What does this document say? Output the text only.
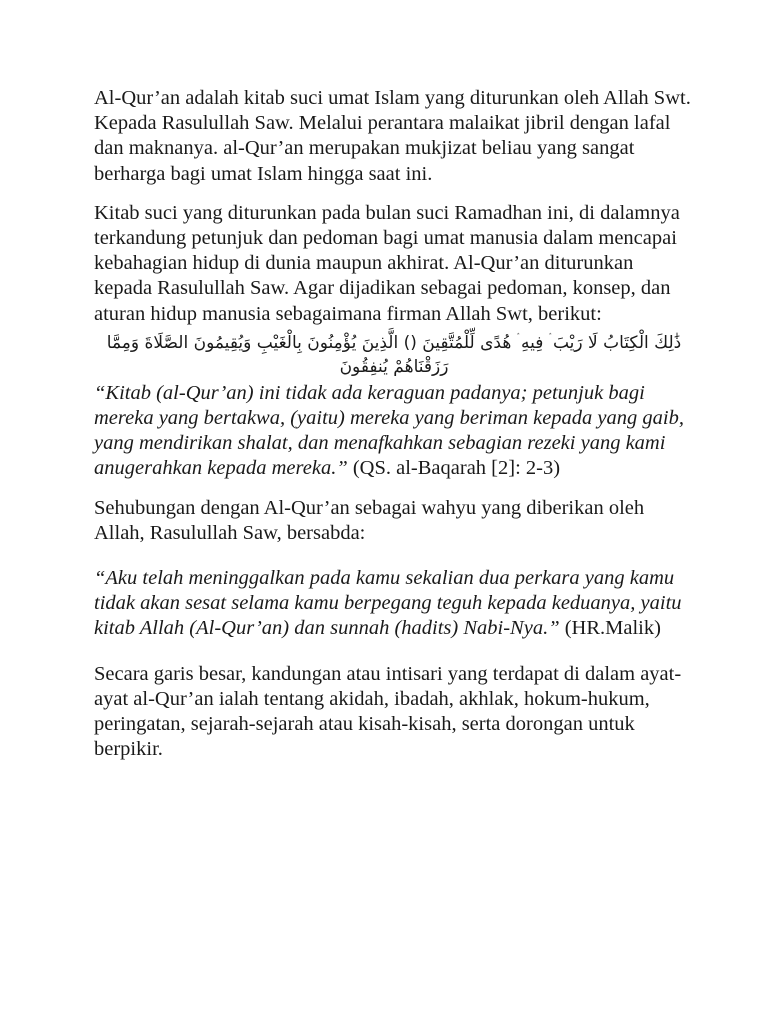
Al-Qur’an adalah kitab suci umat Islam yang diturunkan oleh Allah Swt. Kepada Rasulullah Saw. Melalui perantara malaikat jibril dengan lafal dan maknanya. al-Qur’an merupakan mukjizat beliau yang sangat berharga bagi umat Islam hingga saat ini.

Kitab suci yang diturunkan pada bulan suci Ramadhan ini, di dalamnya terkandung petunjuk dan pedoman bagi umat manusia dalam mencapai kebahagian hidup di dunia maupun akhirat. Al-Qur’an diturunkan kepada Rasulullah Saw. Agar dijadikan sebagai pedoman, konsep, dan aturan hidup manusia sebagaimana firman Allah Swt, berikut:

ذَٰلِكَ الْكِتَابُ لَا رَيْبَ ۛ فِيهِ ۛ هُدًى لِّلْمُتَّقِينَ () الَّذِينَ يُؤْمِنُونَ بِالْغَيْبِ وَيُقِيمُونَ الصَّلَاةَ وَمِمَّا رَزَقْنَاهُمْ يُنفِقُونَ

“Kitab (al-Qur’an) ini tidak ada keraguan padanya; petunjuk bagi mereka yang bertakwa, (yaitu) mereka yang beriman kepada yang gaib, yang mendirikan shalat, dan menafkahkan sebagian rezeki yang kami anugerahkan kepada mereka.” (QS. al-Baqarah [2]: 2-3)

Sehubungan dengan Al-Qur’an sebagai wahyu yang diberikan oleh Allah, Rasulullah Saw, bersabda:

“Aku telah meninggalkan pada kamu sekalian dua perkara yang kamu tidak akan sesat selama kamu berpegang teguh kepada keduanya, yaitu kitab Allah (Al-Qur’an) dan sunnah (hadits) Nabi-Nya.” (HR.Malik)

Secara garis besar, kandungan atau intisari yang terdapat di dalam ayat-ayat al-Qur’an ialah tentang akidah, ibadah, akhlak, hokum-hukum, peringatan, sejarah-sejarah atau kisah-kisah, serta dorongan untuk berpikir.
